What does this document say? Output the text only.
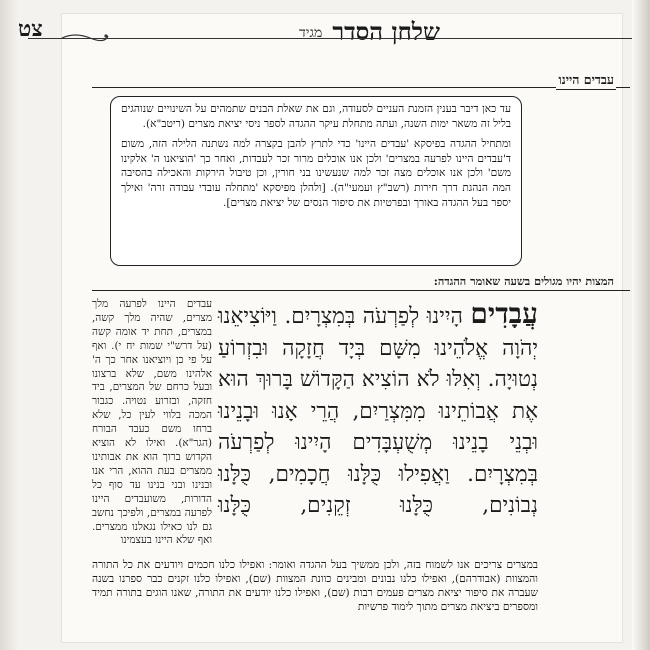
שלחן הסדר
מגיד
צט
עבדים היינו

עד כאן דיבר בענין הזמנת העניים לסעודה, וגם את שאלת הבנים שתמהים על השינויים שנוהגים בליל זה משאר ימות השנה, ועתה מתחלת עיקר ההגדה לספר ניסי יציאת מצרים (ריטב"א).

ומתחיל ההגדה בפיסקא 'עבדים היינו' כדי לתרץ להבן בקצרה למה נשתנה הלילה הזה, משום ד'עבדים היינו לפרעה במצרים' ולכן אנו אוכלים מרור זכר לעבדות, ואחר כך 'הוציאנו ה' אלקינו משם' ולכן אנו אוכלים מצה זכר למה שנעשינו בני חורין, וכן טיבול הירקות והאכילה בהסיבה המה הנהגת דרך חירות (רשב"ץ ועמעי"ה). [ולהלן מפיסקא 'מתחלה עובדי עבודה זרה' ואילך יספר בעל ההגדה באורך ובפרטיות את סיפור הנסים של יציאת מצרים].

המצות יהיו מגולים בשעה שאומר ההגדה:
עֲבָדִים הָיִינוּ לְפַרְעֹה בְּמִצְרָיִם. וַיּוֹצִיאֵנוּ יְהֹוָה אֱלֹהֵינוּ מִשָּׁם בְּיָד חֲזָקָה וּבִזְרוֹעַ נְטוּיָה. וְאִלּוּ לֹא הוֹצִיא הַקָּדוֹשׁ בָּרוּךְ הוּא אֶת אֲבוֹתֵינוּ מִמִּצְרַיִם, הֲרֵי אָנוּ וּבָנֵינוּ וּבְנֵי בָנֵינוּ מְשֻׁעְבָּדִים הָיִינוּ לְפַרְעֹה בְּמִצְרָיִם. וַאֲפִילוּ כֻּלָּנוּ חֲכָמִים, כֻּלָּנוּ נְבוֹנִים, כֻּלָּנוּ זְקֵנִים, כֻּלָּנוּ
עבדים היינו לפרעה מלך מצרים, שהיה מלך קשה, במצרים, תחת יד אומה קשה (על דרש"י שמות יח י). ואף על פי כן ויוציאנו אחר כך ה' אלהינו משם, שלא ברצונו ובעל כרחם של המצרים, ביד חזקה, ובזרוע נטויה. כגבור המכה בלווי לעין כל, שלא ברחו משם כעבד הבורח (הגר"א). ואילו לא הוציא הקדוש ברוך הוא את אבותינו ממצרים בעת ההוא, הרי אנו ובנינו ובני בנינו עד סוף כל הדורות, משועבדים היינו לפרעה במצרים, ולפיכך נחשב גם לנו כאילו נגאלנו ממצרים. ואף שלא היינו בעצמינו
במצרים צריכים אנו לשמוח בזה, ולכן ממשיך בעל ההגדה ואומר: ואפילו כלנו חכמים ויודעים את כל התורה והמצוות (אבודרהם), ואפילו כלנו נבונים ומבינים כוונת המצוות (שם), ואפילו כלנו זקנים כבר ספרנו בשנה שעברה את סיפור יציאת מצרים פעמים רבות (שם), ואפילו כלנו יודעים את התורה, שאנו הוגים בתורה תמיד ומספרים ביציאת מצרים מתוך לימוד פרשיות
